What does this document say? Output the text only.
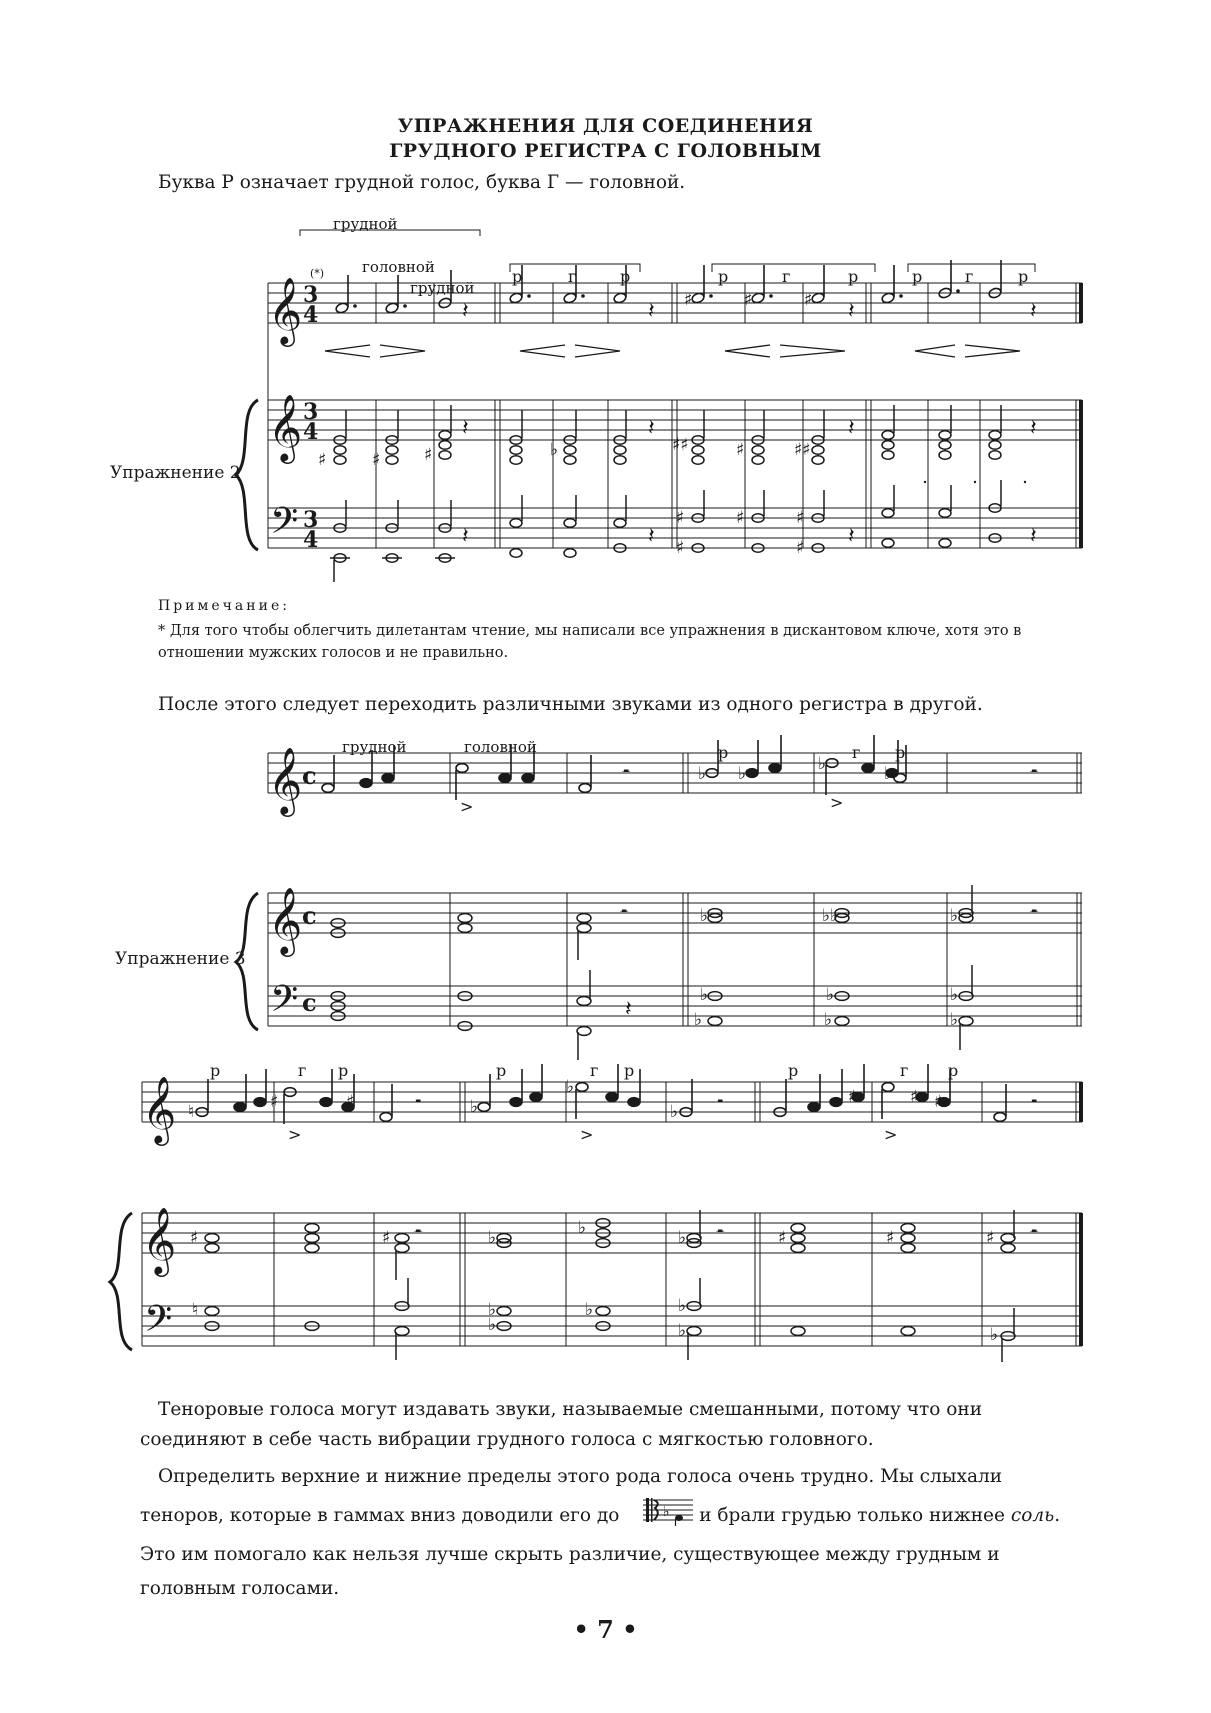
УПРАЖНЕНИЯ ДЛЯ СОЕДИНЕНИЯ
ГРУДНОГО РЕГИСТРА С ГОЛОВНЫМ
Буква Р означает грудной голос, буква Г — головной.
𝄞 3
4
𝄞 3
4
𝄢 3
4
♯	♯	♯
𝄽	𝄽	𝄽	𝄽
𝄽	𝄽	𝄽	𝄽
𝄽	𝄽	𝄽	𝄽
♯	♯	♯	♭	♯♯	♯	♯♯
♯
♯
♯	♯
♯
грудной
головной
грудной
(*)	р	г	р	р	г	р	р	г	р
𝄞 c
𝄞 c
𝄢 c
грудной	головной	р	г р
>	>
♭ ♭	♭	♭
𝄼	𝄼
𝄼	𝄼
♭	♭♭	♭
♭
♭	♭
♭
♭
♭
𝄽
𝄞
𝄞
𝄢
р	г р	р	г р	р	г р
>	>	>
♮	♯	♯	♭
♭
♭
♯	♯ ♯
𝄼	𝄼	𝄼
𝄼	𝄼	𝄼
♯	♯	♭	♭	♭	♯	♯	♯
♮
♭
♭	♭
♭
♭
♭
Упражнение 2
Упражнение 3
Примечание:
* Для того чтобы облегчить дилетантам чтение, мы написали все упражнения в дискантовом ключе, хотя это в отношении мужских голосов и не правильно.
После этого следует переходить различными звуками из одного регистра в другой.
Теноровые голоса могут издавать звуки, называемые смешанными, потому что они соединяют в себе часть вибрации грудного голоса с мягкостью головного.
Определить верхние и нижние пределы этого рода голоса очень трудно. Мы слыхали теноров, которые в гаммах вниз доводили его до	♭ и брали грудью только нижнее соль. Это им помогало как нельзя лучше скрыть различие, существующее между грудным и головным голосами.
• 7 •
